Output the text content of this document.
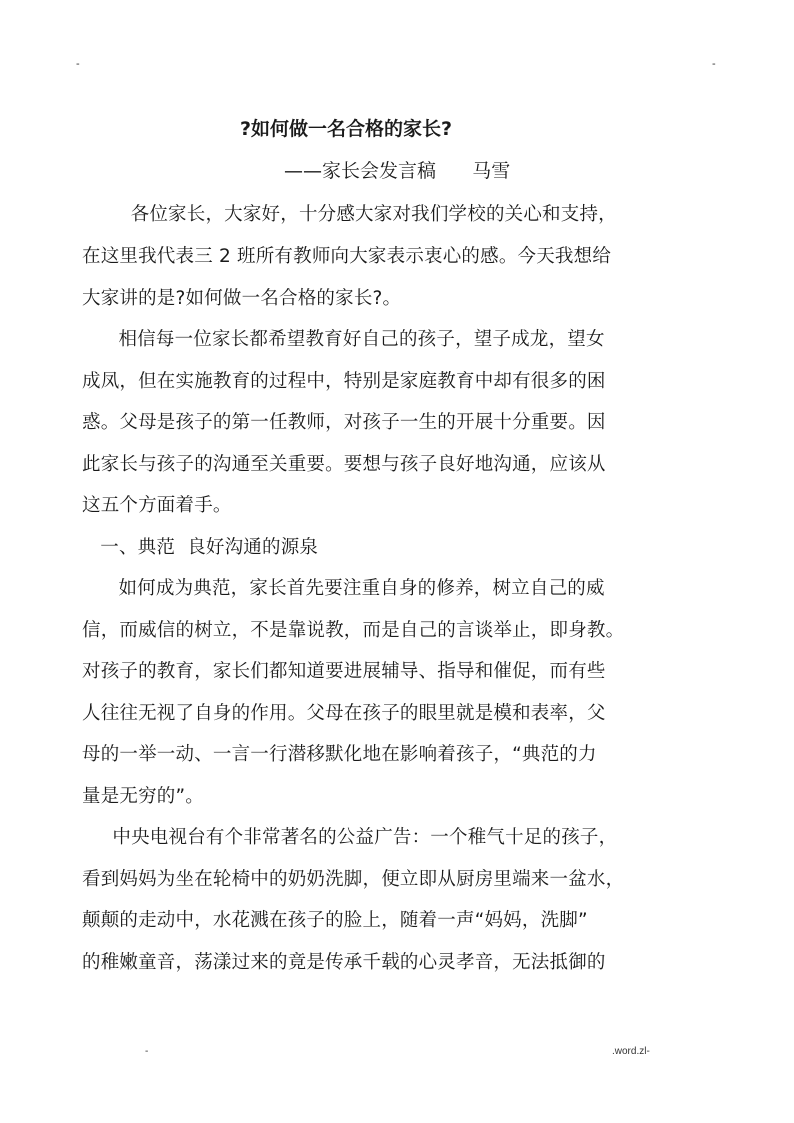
-	-
?如何做一名合格的家长?
——家长会发言稿      马雪
各位家长，大家好，十分感大家对我们学校的关心和支持，
在这里我代表三 2 班所有教师向大家表示衷心的感。今天我想给
大家讲的是?如何做一名合格的家长?。
相信每一位家长都希望教育好自己的孩子，望子成龙，望女
成凤，但在实施教育的过程中，特别是家庭教育中却有很多的困
惑。父母是孩子的第一任教师，对孩子一生的开展十分重要。因
此家长与孩子的沟通至关重要。要想与孩子良好地沟通，应该从
这五个方面着手。
一、典范  良好沟通的源泉
如何成为典范，家长首先要注重自身的修养，树立自己的威
信，而威信的树立，不是靠说教，而是自己的言谈举止，即身教。
对孩子的教育，家长们都知道要进展辅导、指导和催促，而有些
人往往无视了自身的作用。父母在孩子的眼里就是模和表率，父
母的一举一动、一言一行潜移默化地在影响着孩子，“典范的力
量是无穷的”。
中央电视台有个非常著名的公益广告：一个稚气十足的孩子，
看到妈妈为坐在轮椅中的奶奶洗脚，便立即从厨房里端来一盆水，
颠颠的走动中，水花溅在孩子的脸上，随着一声“妈妈，洗脚”
的稚嫩童音，荡漾过来的竟是传承千载的心灵孝音，无法抵御的
-	.word.zl-
